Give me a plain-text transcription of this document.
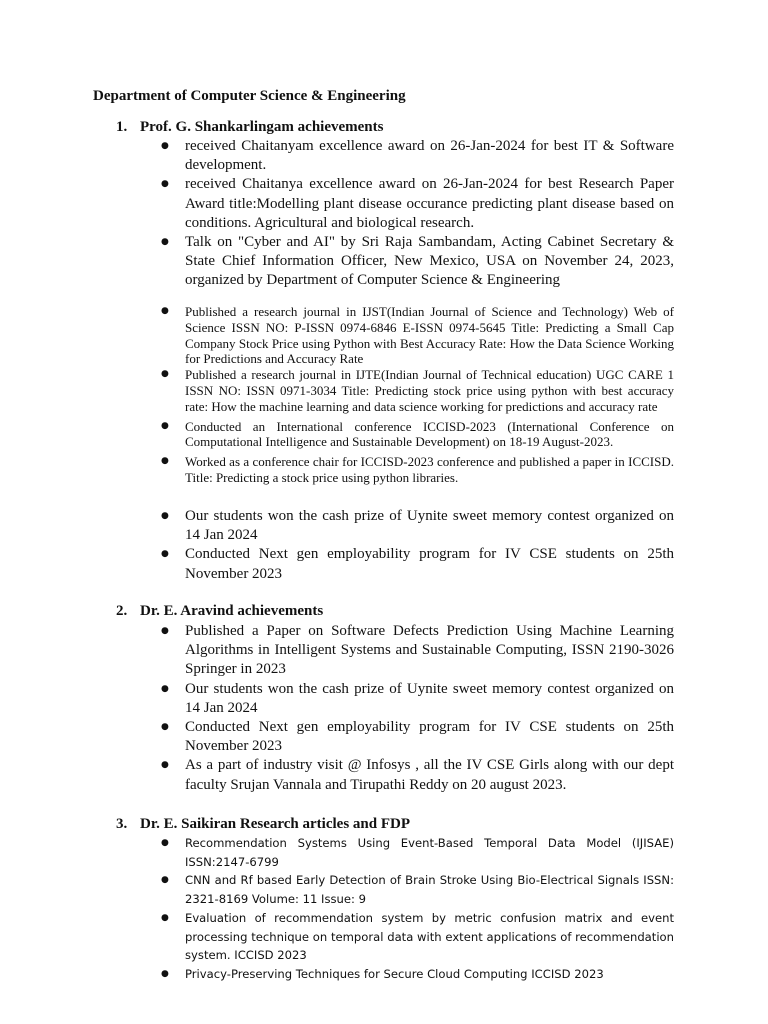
Department of Computer Science & Engineering
1. Prof. G. Shankarlingam achievements
● received Chaitanyam excellence award on 26-Jan-2024 for best IT & Software development.
● received Chaitanya excellence award on 26-Jan-2024 for best Research Paper Award title:Modelling plant disease occurance predicting plant disease based on conditions. Agricultural and biological research.
● Talk on "Cyber and AI" by Sri Raja Sambandam, Acting Cabinet Secretary & State Chief Information Officer, New Mexico, USA on November 24, 2023, organized by Department of Computer Science & Engineering
● Published a research journal in IJST(Indian Journal of Science and Technology) Web of Science ISSN NO: P-ISSN 0974-6846 E-ISSN 0974-5645 Title: Predicting a Small Cap Company Stock Price using Python with Best Accuracy Rate: How the Data Science Working for Predictions and Accuracy Rate
● Published a research journal in IJTE(Indian Journal of Technical education) UGC CARE 1 ISSN NO: ISSN 0971-3034 Title: Predicting stock price using python with best accuracy rate: How the machine learning and data science working for predictions and accuracy rate
● Conducted an International conference ICCISD-2023 (International Conference on Computational Intelligence and Sustainable Development) on 18-19 August-2023.
● Worked as a conference chair for ICCISD-2023 conference and published a paper in ICCISD. Title: Predicting a stock price using python libraries.
● Our students won the cash prize of Uynite sweet memory contest organized on 14 Jan 2024
● Conducted Next gen employability program for IV CSE students on 25th November 2023
2. Dr. E. Aravind achievements
● Published a Paper on Software Defects Prediction Using Machine Learning Algorithms in Intelligent Systems and Sustainable Computing, ISSN 2190-3026 Springer in 2023
● Our students won the cash prize of Uynite sweet memory contest organized on 14 Jan 2024
● Conducted Next gen employability program for IV CSE students on 25th November 2023
● As a part of industry visit @ Infosys , all the IV CSE Girls along with our dept faculty Srujan Vannala and Tirupathi Reddy on 20 august 2023.
3. Dr. E. Saikiran Research articles and FDP
● Recommendation Systems Using Event-Based Temporal Data Model (IJISAE) ISSN:2147-6799
● CNN and Rf based Early Detection of Brain Stroke Using Bio-Electrical Signals ISSN: 2321-8169 Volume: 11 Issue: 9
● Evaluation of recommendation system by metric confusion matrix and event processing technique on temporal data with extent applications of recommendation system. ICCISD 2023
● Privacy-Preserving Techniques for Secure Cloud Computing ICCISD 2023
